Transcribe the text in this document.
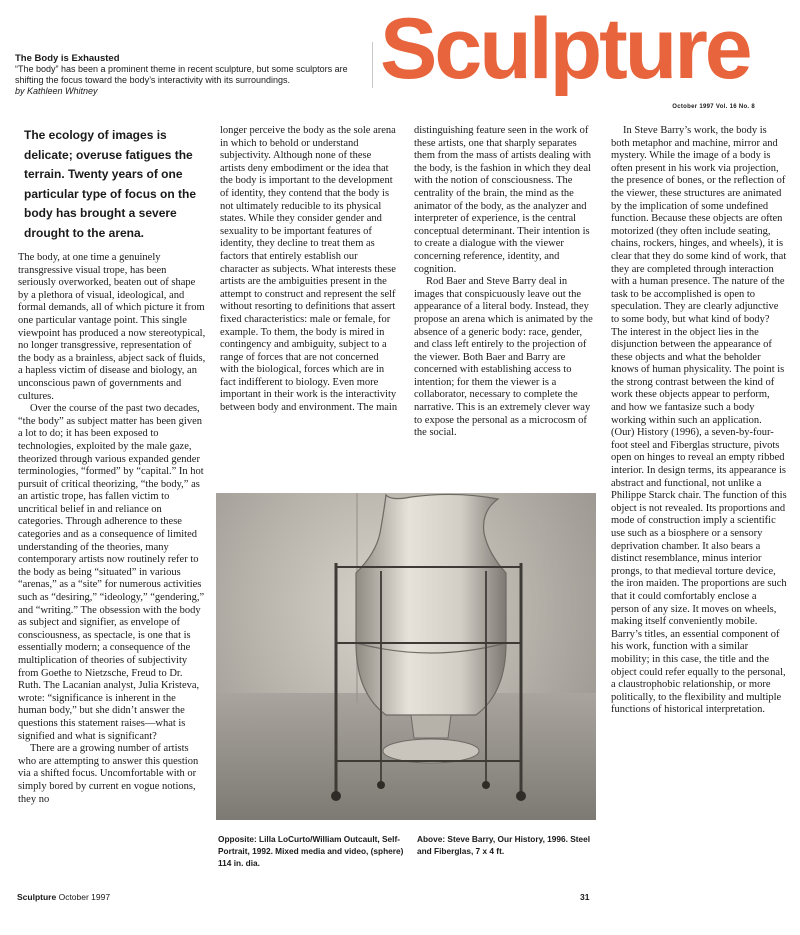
Sculpture
October 1997 Vol. 16 No. 8
The Body is Exhausted
“The body” has been a prominent theme in recent sculpture, but some sculptors are shifting the focus toward the body’s interactivity with its surroundings.
by Kathleen Whitney
The ecology of images is delicate; overuse fatigues the terrain. Twenty years of one particular type of focus on the body has brought a severe drought to the arena.

The body, at one time a genuinely transgressive visual trope, has been seriously overworked, beaten out of shape by a plethora of visual, ideological, and formal demands, all of which picture it from one particular vantage point. This single viewpoint has produced a now stereotypical, no longer transgressive, representation of the body as a brainless, abject sack of fluids, a hapless victim of disease and biology, an unconscious pawn of governments and cultures.

Over the course of the past two decades, “the body” as subject matter has been given a lot to do; it has been exposed to technologies, exploited by the male gaze, theorized through various expanded gender terminologies, “formed” by “capital.” In hot pursuit of critical theorizing, “the body,” as an artistic trope, has fallen victim to uncritical belief in and reliance on categories. Through adherence to these categories and as a consequence of limited understanding of the theories, many contemporary artists now routinely refer to the body as being “situated” in various “arenas,” as a “site” for numerous activities such as “desiring,” “ideology,” “gendering,” and “writing.” The obsession with the body as subject and signifier, as envelope of consciousness, as spectacle, is one that is essentially modern; a consequence of the multiplication of theories of subjectivity from Goethe to Nietzsche, Freud to Dr. Ruth. The Lacanian analyst, Julia Kristeva, wrote: “significance is inherent in the human body,” but she didn’t answer the questions this statement raises—what is signified and what is significant?

There are a growing number of artists who are attempting to answer this question via a shifted focus. Uncomfortable with or simply bored by current en vogue notions, they no

longer perceive the body as the sole arena in which to behold or understand subjectivity. Although none of these artists deny embodiment or the idea that the body is important to the development of identity, they contend that the body is not ultimately reducible to its physical states. While they consider gender and sexuality to be important features of identity, they decline to treat them as factors that entirely establish our character as subjects. What interests these artists are the ambiguities present in the attempt to construct and represent the self without resorting to definitions that assert fixed characteristics: male or female, for example. To them, the body is mired in contingency and ambiguity, subject to a range of forces that are not concerned with the biological, forces which are in fact indifferent to biology. Even more important in their work is the interactivity between body and environment. The main

distinguishing feature seen in the work of these artists, one that sharply separates them from the mass of artists dealing with the body, is the fashion in which they deal with the notion of consciousness. The centrality of the brain, the mind as the animator of the body, as the analyzer and interpreter of experience, is the central conceptual determinant. Their intention is to create a dialogue with the viewer concerning reference, identity, and cognition.

Rod Baer and Steve Barry deal in images that conspicuously leave out the appearance of a literal body. Instead, they propose an arena which is animated by the absence of a generic body: race, gender, and class left entirely to the projection of the viewer. Both Baer and Barry are concerned with establishing access to intention; for them the viewer is a collaborator, necessary to complete the narrative. This is an extremely clever way to expose the personal as a microcosm of the social.

In Steve Barry’s work, the body is both metaphor and machine, mirror and mystery. While the image of a body is often present in his work via projection, the presence of bones, or the reflection of the viewer, these structures are animated by the implication of some undefined function. Because these objects are often motorized (they often include seating, chains, rockers, hinges, and wheels), it is clear that they do some kind of work, that they are completed through interaction with a human presence. The nature of the task to be accomplished is open to speculation. They are clearly adjunctive to some body, but what kind of body? The interest in the object lies in the disjunction between the appearance of these objects and what the beholder knows of human physicality. The point is the strong contrast between the kind of work these objects appear to perform, and how we fantasize such a body working within such an application. (Our) History (1996), a seven-by-four-foot steel and Fiberglas structure, pivots open on hinges to reveal an empty ribbed interior. In design terms, its appearance is abstract and functional, not unlike a Philippe Starck chair. The function of this object is not revealed. Its proportions and mode of construction imply a scientific use such as a biosphere or a sensory deprivation chamber. It also bears a distinct resemblance, minus interior prongs, to that medieval torture device, the iron maiden. The proportions are such that it could comfortably enclose a person of any size. It moves on wheels, making itself conveniently mobile. Barry’s titles, an essential component of his work, function with a similar mobility; in this case, the title and the object could refer equally to the personal, a claustrophobic relationship, or more politically, to the flexibility and multiple functions of historical interpretation.

Opposite: Lilla LoCurto/William Outcault, Self-Portrait, 1992. Mixed media and video, (sphere) 114 in. dia.
Above: Steve Barry, Our History, 1996. Steel and Fiberglas, 7 x 4 ft.
Sculpture October 1997	31
